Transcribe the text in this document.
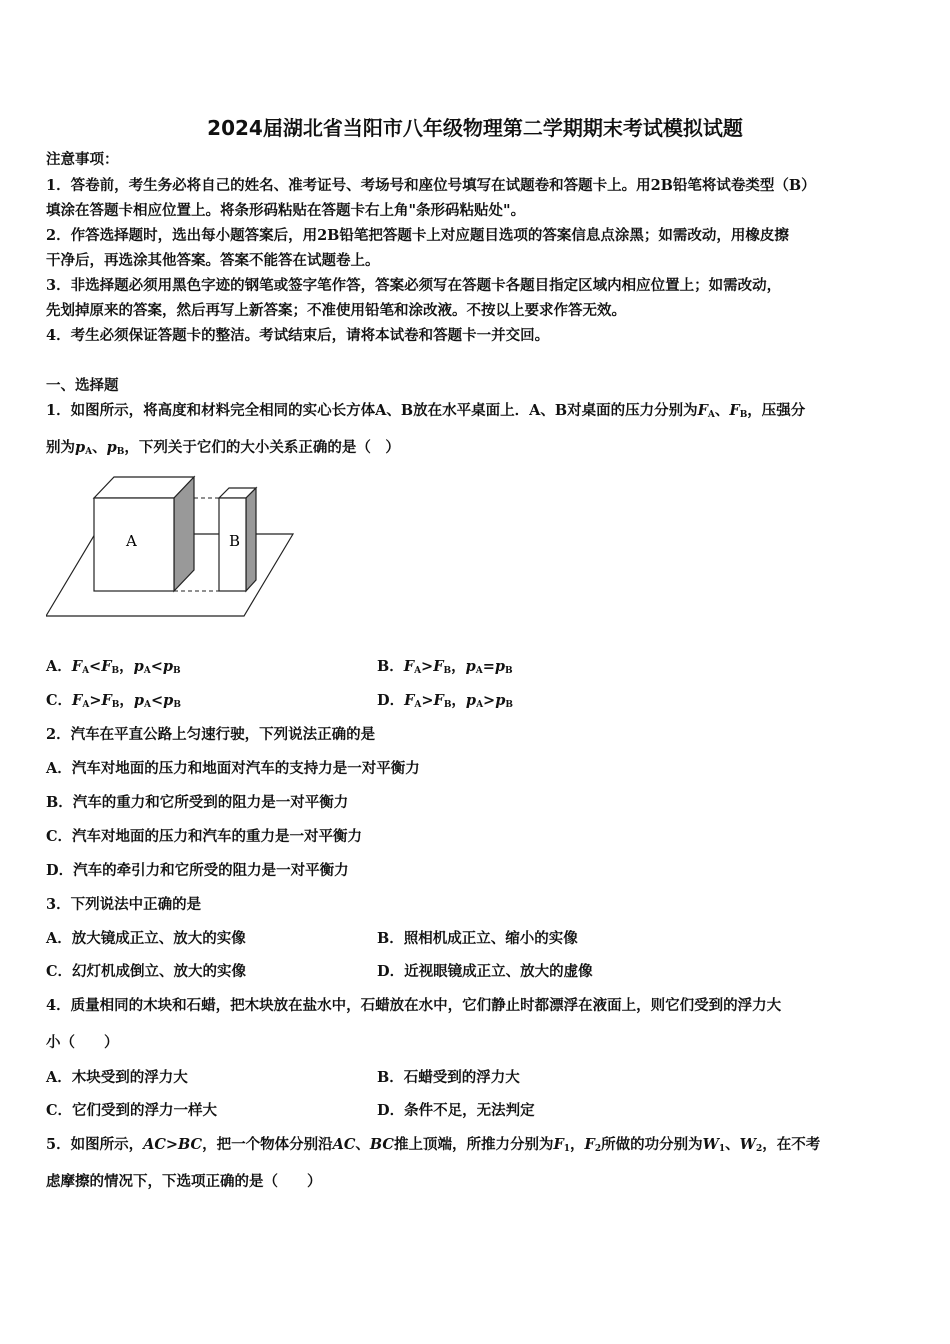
2024届湖北省当阳市八年级物理第二学期期末考试模拟试题
注意事项：
1．答卷前，考生务必将自己的姓名、准考证号、考场号和座位号填写在试题卷和答题卡上。用2B铅笔将试卷类型（B）
填涂在答题卡相应位置上。将条形码粘贴在答题卡右上角"条形码粘贴处"。
2．作答选择题时，选出每小题答案后，用2B铅笔把答题卡上对应题目选项的答案信息点涂黑；如需改动，用橡皮擦
干净后，再选涂其他答案。答案不能答在试题卷上。
3．非选择题必须用黑色字迹的钢笔或签字笔作答，答案必须写在答题卡各题目指定区域内相应位置上；如需改动，
先划掉原来的答案，然后再写上新答案；不准使用铅笔和涂改液。不按以上要求作答无效。
4．考生必须保证答题卡的整洁。考试结束后，请将本试卷和答题卡一并交回。
一、选择题
1．如图所示，将高度和材料完全相同的实心长方体A、B放在水平桌面上．A、B对桌面的压力分别为$F_A$、$F_B$，压强分
别为$p_A$、$p_B$，下列关于它们的大小关系正确的是（　）
A	B
A．$F_A<F_B$，$p_A<p_B$	B．$F_A>F_B$，$p_A=p_B$
C．$F_A>F_B$，$p_A<p_B$	D．$F_A>F_B$，$p_A>p_B$
2．汽车在平直公路上匀速行驶，下列说法正确的是
A．汽车对地面的压力和地面对汽车的支持力是一对平衡力
B．汽车的重力和它所受到的阻力是一对平衡力
C．汽车对地面的压力和汽车的重力是一对平衡力
D．汽车的牵引力和它所受的阻力是一对平衡力
3．下列说法中正确的是
A．放大镜成正立、放大的实像	B．照相机成正立、缩小的实像
C．幻灯机成倒立、放大的实像	D．近视眼镜成正立、放大的虚像
4．质量相同的木块和石蜡，把木块放在盐水中，石蜡放在水中，它们静止时都漂浮在液面上，则它们受到的浮力大
小（　　）
A．木块受到的浮力大	B．石蜡受到的浮力大
C．它们受到的浮力一样大	D．条件不足，无法判定
5．如图所示，AC>BC，把一个物体分别沿AC、BC推上顶端，所推力分别为$F_1$，$F_2$所做的功分别为$W_1$、$W_2$，在不考
虑摩擦的情况下，下选项正确的是（　　）
